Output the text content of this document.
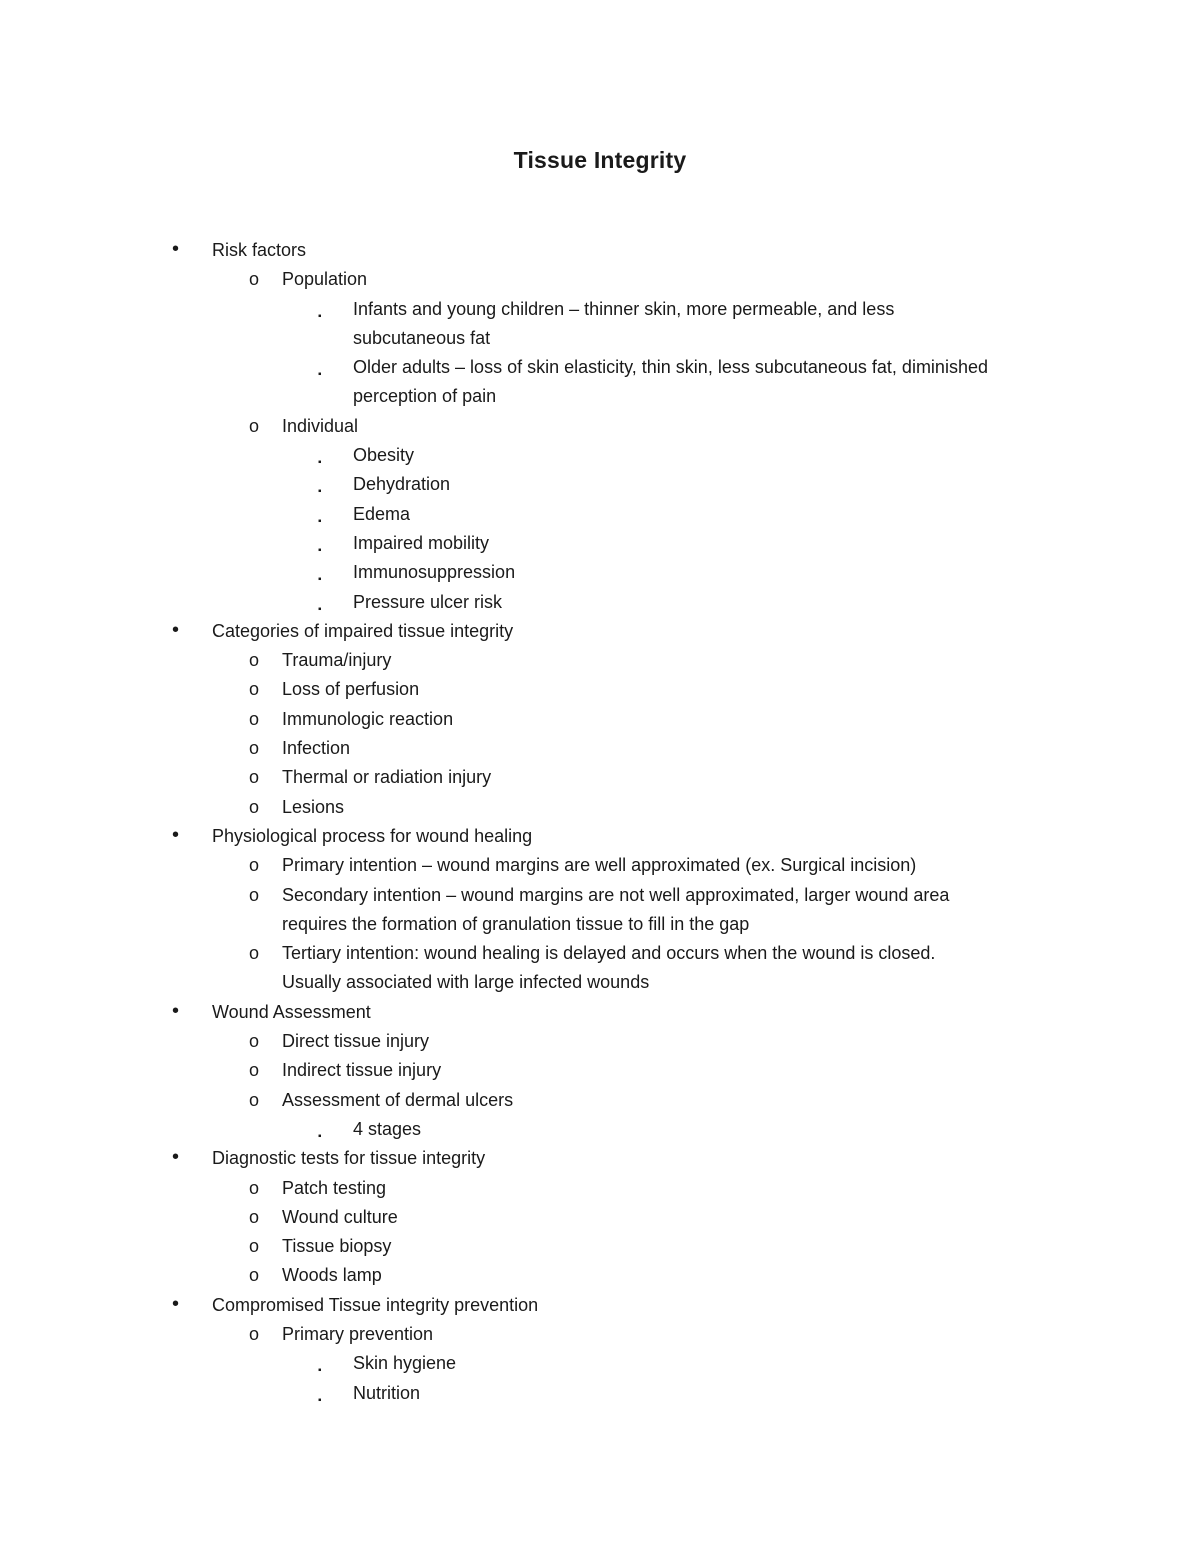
Tissue Integrity
• Risk factors
o Population
▪ Infants and young children – thinner skin, more permeable, and less
subcutaneous fat
▪ Older adults – loss of skin elasticity, thin skin, less subcutaneous fat, diminished
perception of pain
o Individual
▪ Obesity
▪ Dehydration
▪ Edema
▪ Impaired mobility
▪ Immunosuppression
▪ Pressure ulcer risk
• Categories of impaired tissue integrity
o Trauma/injury
o Loss of perfusion
o Immunologic reaction
o Infection
o Thermal or radiation injury
o Lesions
• Physiological process for wound healing
o Primary intention – wound margins are well approximated (ex. Surgical incision)
o Secondary intention – wound margins are not well approximated, larger wound area
requires the formation of granulation tissue to fill in the gap
o Tertiary intention: wound healing is delayed and occurs when the wound is closed.
Usually associated with large infected wounds
• Wound Assessment
o Direct tissue injury
o Indirect tissue injury
o Assessment of dermal ulcers
▪ 4 stages
• Diagnostic tests for tissue integrity
o Patch testing
o Wound culture
o Tissue biopsy
o Woods lamp
• Compromised Tissue integrity prevention
o Primary prevention
▪ Skin hygiene
▪ Nutrition
